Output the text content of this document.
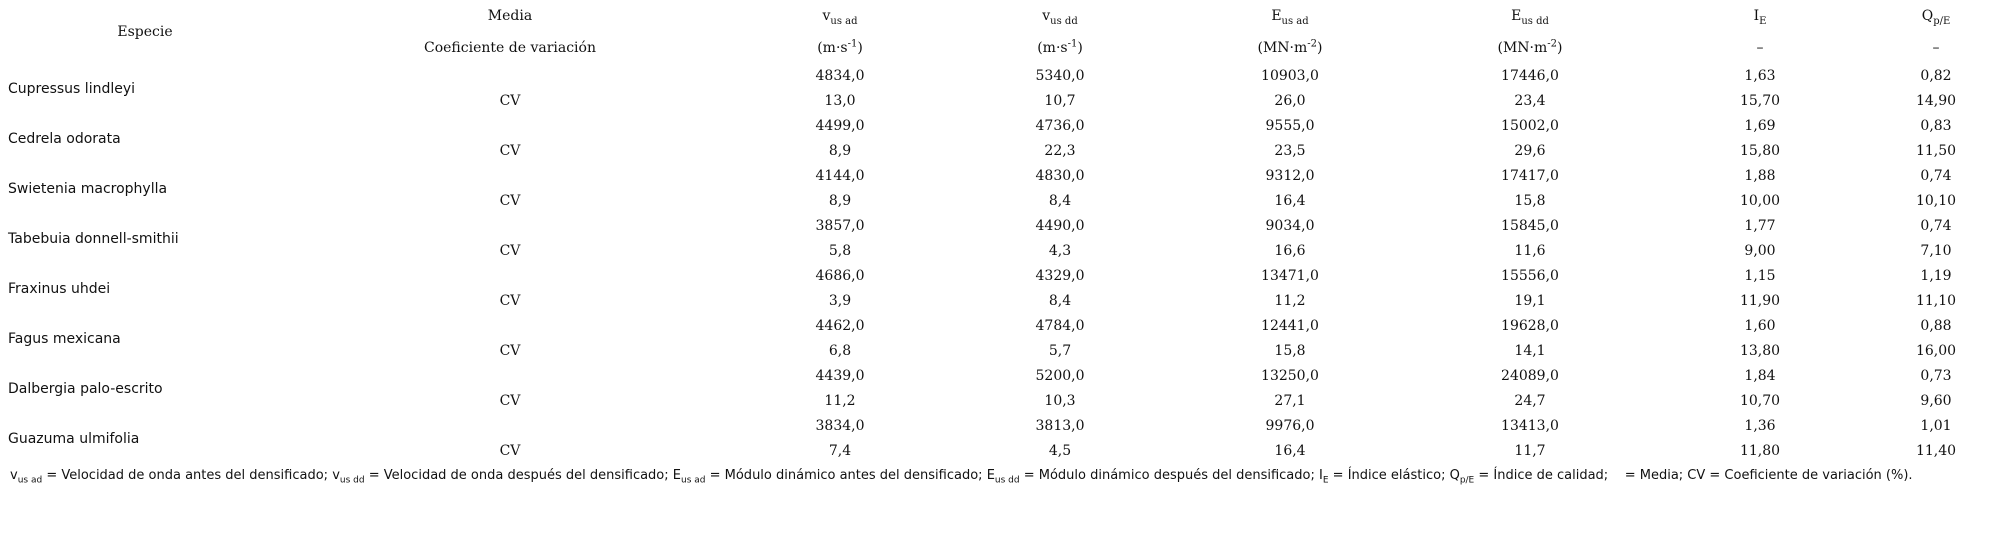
Especie	Media	$v_{us ad}$	$v_{us dd}$	$E_{us ad}$	$E_{us dd}$	$I_E$	$Q_{p/E}$
	Coeficiente de variación	$(m\cdot s^{-1})$	$(m\cdot s^{-1})$	$(MN\cdot m^{-2})$	$(MN\cdot m^{-2})$	–	–
Cupressus lindleyi		4834,0	5340,0	10903,0	17446,0	1,63	0,82
	CV	13,0	10,7	26,0	23,4	15,70	14,90
Cedrela odorata		4499,0	4736,0	9555,0	15002,0	1,69	0,83
	CV	8,9	22,3	23,5	29,6	15,80	11,50
Swietenia macrophylla		4144,0	4830,0	9312,0	17417,0	1,88	0,74
	CV	8,9	8,4	16,4	15,8	10,00	10,10
Tabebuia donnell-smithii		3857,0	4490,0	9034,0	15845,0	1,77	0,74
	CV	5,8	4,3	16,6	11,6	9,00	7,10
Fraxinus uhdei		4686,0	4329,0	13471,0	15556,0	1,15	1,19
	CV	3,9	8,4	11,2	19,1	11,90	11,10
Fagus mexicana		4462,0	4784,0	12441,0	19628,0	1,60	0,88
	CV	6,8	5,7	15,8	14,1	13,80	16,00
Dalbergia palo-escrito		4439,0	5200,0	13250,0	24089,0	1,84	0,73
	CV	11,2	10,3	27,1	24,7	10,70	9,60
Guazuma ulmifolia		3834,0	3813,0	9976,0	13413,0	1,36	1,01
	CV	7,4	4,5	16,4	11,7	11,80	11,40
$v_{us ad}$ = Velocidad de onda antes del densificado; $v_{us dd}$ = Velocidad de onda después del densificado; $E_{us ad}$ = Módulo dinámico antes del densificado; $E_{us dd}$ = Módulo dinámico después del densificado; $I_E$ = Índice elástico; $Q_{p/E}$ = Índice de calidad;    = Media; CV = Coeficiente de variación (%).
